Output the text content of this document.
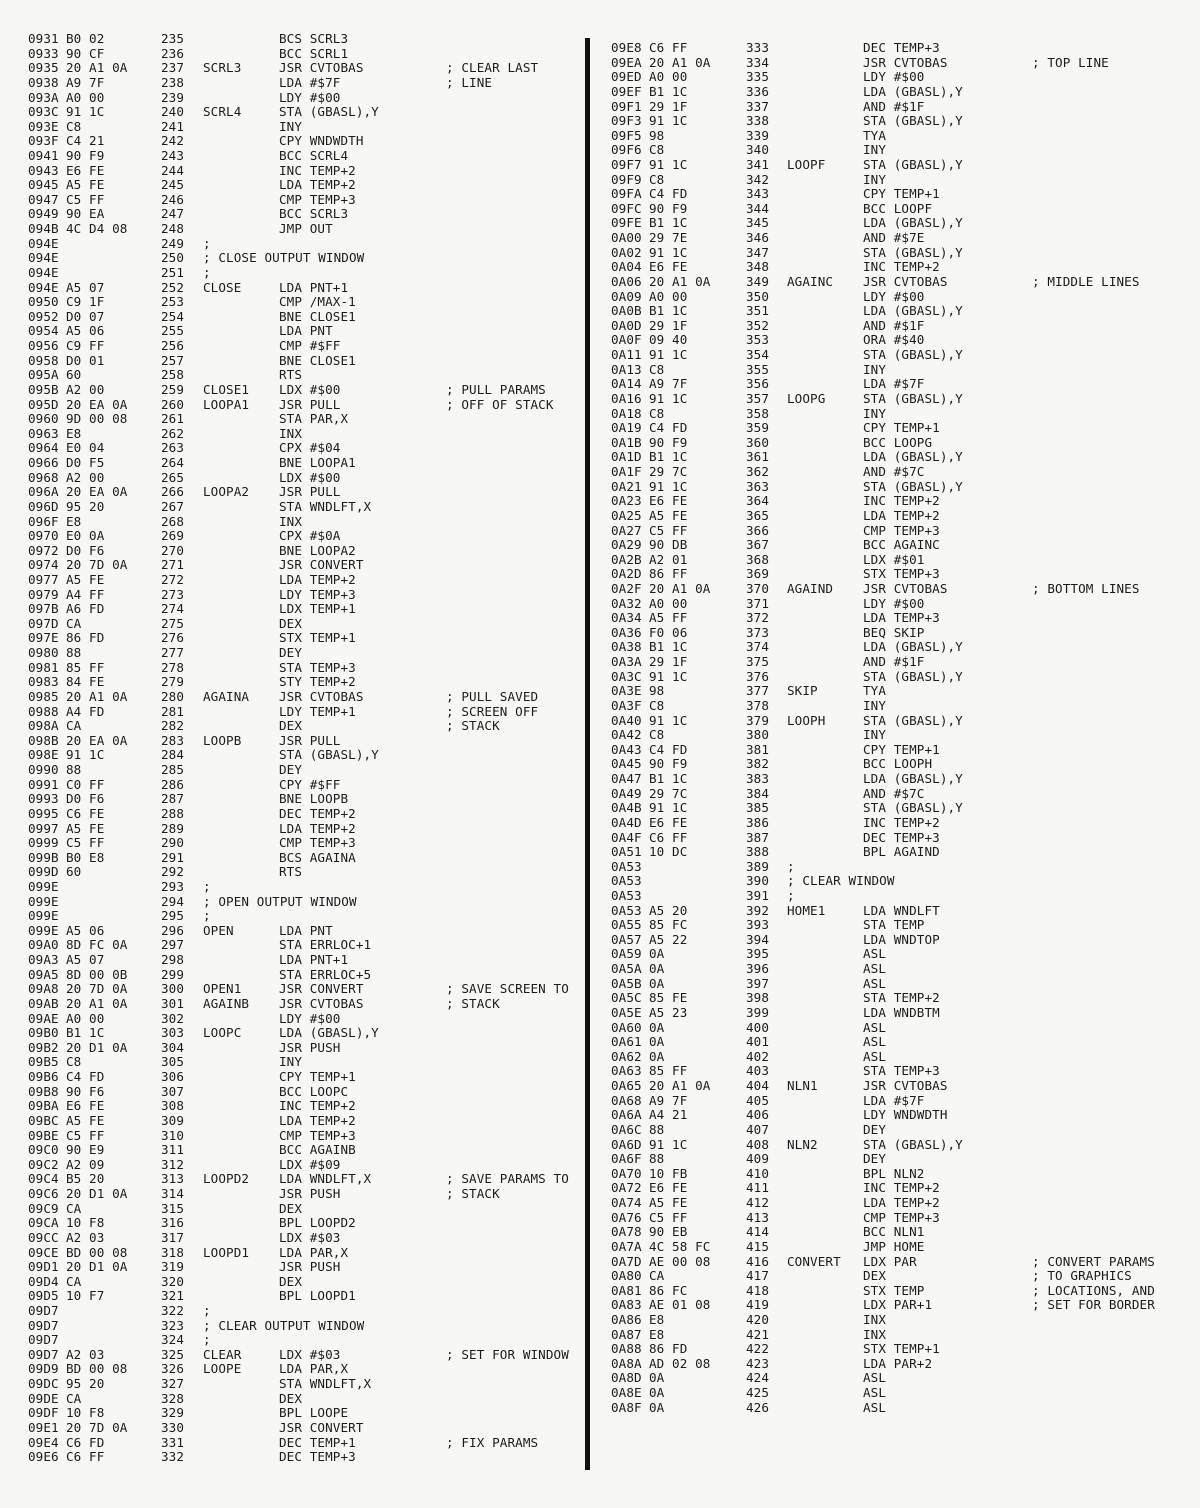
0931 B0 02	235	BCS SCRL3
0933 90 CF	236	BCC SCRL1
0935 20 A1 0A	237 SCRL3	JSR CVTOBAS	; CLEAR LAST
0938 A9 7F	238	LDA #$7F	; LINE
093A A0 00	239	LDY #$00
093C 91 1C	240 SCRL4	STA (GBASL),Y
093E C8	241	INY
093F C4 21	242	CPY WNDWDTH
0941 90 F9	243	BCC SCRL4
0943 E6 FE	244	INC TEMP+2
0945 A5 FE	245	LDA TEMP+2
0947 C5 FF	246	CMP TEMP+3
0949 90 EA	247	BCC SCRL3
094B 4C D4 08	248	JMP OUT
094E	249 ;
094E	250 ; CLOSE OUTPUT WINDOW
094E	251 ;
094E A5 07	252 CLOSE	LDA PNT+1
0950 C9 1F	253	CMP /MAX-1
0952 D0 07	254	BNE CLOSE1
0954 A5 06	255	LDA PNT
0956 C9 FF	256	CMP #$FF
0958 D0 01	257	BNE CLOSE1
095A 60	258	RTS
095B A2 00	259 CLOSE1 LDX #$00	; PULL PARAMS
095D 20 EA 0A	260 LOOPA1 JSR PULL	; OFF OF STACK
0960 9D 00 08	261	STA PAR,X
0963 E8	262	INX
0964 E0 04	263	CPX #$04
0966 D0 F5	264	BNE LOOPA1
0968 A2 00	265	LDX #$00
096A 20 EA 0A	266 LOOPA2 JSR PULL
096D 95 20	267	STA WNDLFT,X
096F E8	268	INX
0970 E0 0A	269	CPX #$0A
0972 D0 F6	270	BNE LOOPA2
0974 20 7D 0A	271	JSR CONVERT
0977 A5 FE	272	LDA TEMP+2
0979 A4 FF	273	LDY TEMP+3
097B A6 FD	274	LDX TEMP+1
097D CA	275	DEX
097E 86 FD	276	STX TEMP+1
0980 88	277	DEY
0981 85 FF	278	STA TEMP+3
0983 84 FE	279	STY TEMP+2
0985 20 A1 0A	280 AGAINA JSR CVTOBAS	; PULL SAVED
0988 A4 FD	281	LDY TEMP+1	; SCREEN OFF
098A CA	282	DEX	; STACK
098B 20 EA 0A	283 LOOPB	JSR PULL
098E 91 1C	284	STA (GBASL),Y
0990 88	285	DEY
0991 C0 FF	286	CPY #$FF
0993 D0 F6	287	BNE LOOPB
0995 C6 FE	288	DEC TEMP+2
0997 A5 FE	289	LDA TEMP+2
0999 C5 FF	290	CMP TEMP+3
099B B0 E8	291	BCS AGAINA
099D 60	292	RTS
099E	293 ;
099E	294 ; OPEN OUTPUT WINDOW
099E	295 ;
099E A5 06	296 OPEN	LDA PNT
09A0 8D FC 0A	297	STA ERRLOC+1
09A3 A5 07	298	LDA PNT+1
09A5 8D 00 0B	299	STA ERRLOC+5
09A8 20 7D 0A	300 OPEN1	JSR CONVERT	; SAVE SCREEN TO
09AB 20 A1 0A	301 AGAINB JSR CVTOBAS	; STACK
09AE A0 00	302	LDY #$00
09B0 B1 1C	303 LOOPC	LDA (GBASL),Y
09B2 20 D1 0A	304	JSR PUSH
09B5 C8	305	INY
09B6 C4 FD	306	CPY TEMP+1
09B8 90 F6	307	BCC LOOPC
09BA E6 FE	308	INC TEMP+2
09BC A5 FE	309	LDA TEMP+2
09BE C5 FF	310	CMP TEMP+3
09C0 90 E9	311	BCC AGAINB
09C2 A2 09	312	LDX #$09
09C4 B5 20	313 LOOPD2 LDA WNDLFT,X	; SAVE PARAMS TO
09C6 20 D1 0A	314	JSR PUSH	; STACK
09C9 CA	315	DEX
09CA 10 F8	316	BPL LOOPD2
09CC A2 03	317	LDX #$03
09CE BD 00 08	318 LOOPD1 LDA PAR,X
09D1 20 D1 0A	319	JSR PUSH
09D4 CA	320	DEX
09D5 10 F7	321	BPL LOOPD1
09D7	322 ;
09D7	323 ; CLEAR OUTPUT WINDOW
09D7	324 ;
09D7 A2 03	325 CLEAR	LDX #$03	; SET FOR WINDOW
09D9 BD 00 08	326 LOOPE	LDA PAR,X
09DC 95 20	327	STA WNDLFT,X
09DE CA	328	DEX
09DF 10 F8	329	BPL LOOPE
09E1 20 7D 0A	330	JSR CONVERT
09E4 C6 FD	331	DEC TEMP+1	; FIX PARAMS
09E6 C6 FF	332	DEC TEMP+3
09E8 C6 FF	333	DEC TEMP+3
09EA 20 A1 0A	334	JSR CVTOBAS	; TOP LINE
09ED A0 00	335	LDY #$00
09EF B1 1C	336	LDA (GBASL),Y
09F1 29 1F	337	AND #$1F
09F3 91 1C	338	STA (GBASL),Y
09F5 98	339	TYA
09F6 C8	340	INY
09F7 91 1C	341 LOOPF	STA (GBASL),Y
09F9 C8	342	INY
09FA C4 FD	343	CPY TEMP+1
09FC 90 F9	344	BCC LOOPF
09FE B1 1C	345	LDA (GBASL),Y
0A00 29 7E	346	AND #$7E
0A02 91 1C	347	STA (GBASL),Y
0A04 E6 FE	348	INC TEMP+2
0A06 20 A1 0A	349 AGAINC JSR CVTOBAS	; MIDDLE LINES
0A09 A0 00	350	LDY #$00
0A0B B1 1C	351	LDA (GBASL),Y
0A0D 29 1F	352	AND #$1F
0A0F 09 40	353	ORA #$40
0A11 91 1C	354	STA (GBASL),Y
0A13 C8	355	INY
0A14 A9 7F	356	LDA #$7F
0A16 91 1C	357 LOOPG	STA (GBASL),Y
0A18 C8	358	INY
0A19 C4 FD	359	CPY TEMP+1
0A1B 90 F9	360	BCC LOOPG
0A1D B1 1C	361	LDA (GBASL),Y
0A1F 29 7C	362	AND #$7C
0A21 91 1C	363	STA (GBASL),Y
0A23 E6 FE	364	INC TEMP+2
0A25 A5 FE	365	LDA TEMP+2
0A27 C5 FF	366	CMP TEMP+3
0A29 90 DB	367	BCC AGAINC
0A2B A2 01	368	LDX #$01
0A2D 86 FF	369	STX TEMP+3
0A2F 20 A1 0A	370 AGAIND JSR CVTOBAS	; BOTTOM LINES
0A32 A0 00	371	LDY #$00
0A34 A5 FF	372	LDA TEMP+3
0A36 F0 06	373	BEQ SKIP
0A38 B1 1C	374	LDA (GBASL),Y
0A3A 29 1F	375	AND #$1F
0A3C 91 1C	376	STA (GBASL),Y
0A3E 98	377 SKIP	TYA
0A3F C8	378	INY
0A40 91 1C	379 LOOPH	STA (GBASL),Y
0A42 C8	380	INY
0A43 C4 FD	381	CPY TEMP+1
0A45 90 F9	382	BCC LOOPH
0A47 B1 1C	383	LDA (GBASL),Y
0A49 29 7C	384	AND #$7C
0A4B 91 1C	385	STA (GBASL),Y
0A4D E6 FE	386	INC TEMP+2
0A4F C6 FF	387	DEC TEMP+3
0A51 10 DC	388	BPL AGAIND
0A53	389 ;
0A53	390 ; CLEAR WINDOW
0A53	391 ;
0A53 A5 20	392 HOME1	LDA WNDLFT
0A55 85 FC	393	STA TEMP
0A57 A5 22	394	LDA WNDTOP
0A59 0A	395	ASL
0A5A 0A	396	ASL
0A5B 0A	397	ASL
0A5C 85 FE	398	STA TEMP+2
0A5E A5 23	399	LDA WNDBTM
0A60 0A	400	ASL
0A61 0A	401	ASL
0A62 0A	402	ASL
0A63 85 FF	403	STA TEMP+3
0A65 20 A1 0A	404 NLN1	JSR CVTOBAS
0A68 A9 7F	405	LDA #$7F
0A6A A4 21	406	LDY WNDWDTH
0A6C 88	407	DEY
0A6D 91 1C	408 NLN2	STA (GBASL),Y
0A6F 88	409	DEY
0A70 10 FB	410	BPL NLN2
0A72 E6 FE	411	INC TEMP+2
0A74 A5 FE	412	LDA TEMP+2
0A76 C5 FF	413	CMP TEMP+3
0A78 90 EB	414	BCC NLN1
0A7A 4C 58 FC	415	JMP HOME
0A7D AE 00 08	416 CONVERT LDX PAR	; CONVERT PARAMS
0A80 CA	417	DEX	; TO GRAPHICS
0A81 86 FC	418	STX TEMP	; LOCATIONS, AND
0A83 AE 01 08	419	LDX PAR+1	; SET FOR BORDER
0A86 E8	420	INX
0A87 E8	421	INX
0A88 86 FD	422	STX TEMP+1
0A8A AD 02 08	423	LDA PAR+2
0A8D 0A	424	ASL
0A8E 0A	425	ASL
0A8F 0A	426	ASL
